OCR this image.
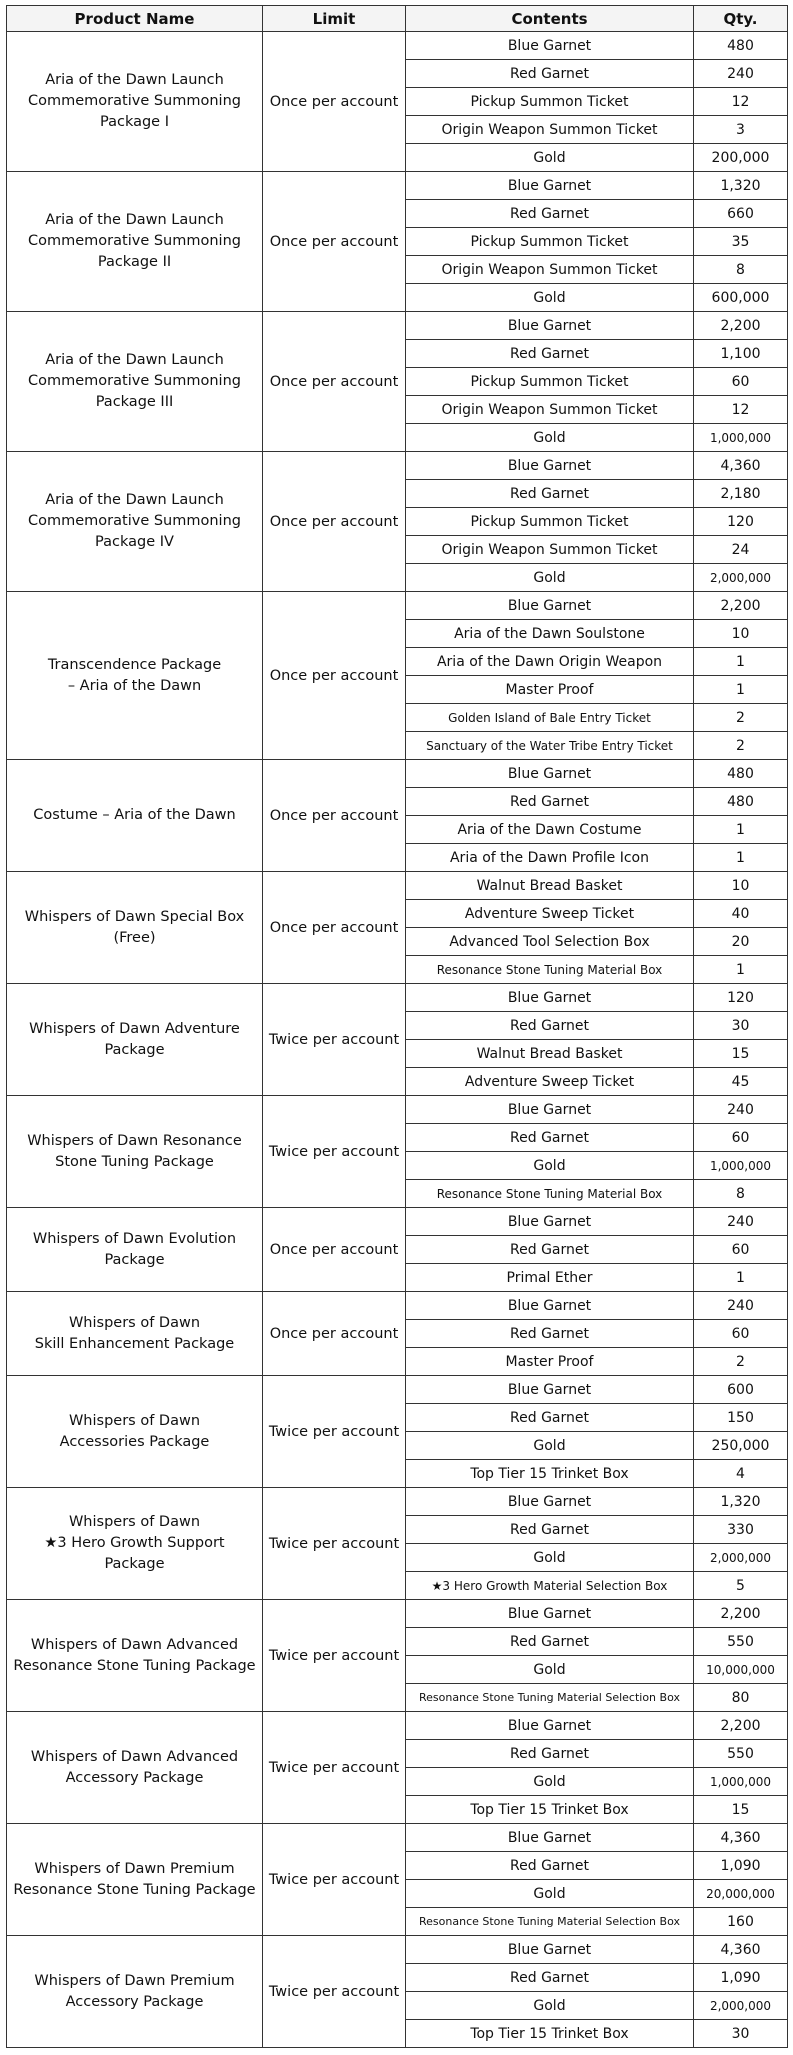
Product Name	Limit	Contents	Qty.

Aria of the Dawn Launch
Commemorative Summoning
Package I	Once per account	Blue Garnet	480
		Red Garnet	240
		Pickup Summon Ticket	12
		Origin Weapon Summon Ticket	3
		Gold	200,000

Aria of the Dawn Launch
Commemorative Summoning
Package II	Once per account	Blue Garnet	1,320
		Red Garnet	660
		Pickup Summon Ticket	35
		Origin Weapon Summon Ticket	8
		Gold	600,000

Aria of the Dawn Launch
Commemorative Summoning
Package III	Once per account	Blue Garnet	2,200
		Red Garnet	1,100
		Pickup Summon Ticket	60
		Origin Weapon Summon Ticket	12
		Gold	1,000,000

Aria of the Dawn Launch
Commemorative Summoning
Package IV	Once per account	Blue Garnet	4,360
		Red Garnet	2,180
		Pickup Summon Ticket	120
		Origin Weapon Summon Ticket	24
		Gold	2,000,000

Transcendence Package
– Aria of the Dawn	Once per account	Blue Garnet	2,200
		Aria of the Dawn Soulstone	10
		Aria of the Dawn Origin Weapon	1
		Master Proof	1
		Golden Island of Bale Entry Ticket	2
		Sanctuary of the Water Tribe Entry Ticket	2

Costume – Aria of the Dawn	Once per account	Blue Garnet	480
		Red Garnet	480
		Aria of the Dawn Costume	1
		Aria of the Dawn Profile Icon	1

Whispers of Dawn Special Box
(Free)	Once per account	Walnut Bread Basket	10
		Adventure Sweep Ticket	40
		Advanced Tool Selection Box	20
		Resonance Stone Tuning Material Box	1

Whispers of Dawn Adventure
Package	Twice per account	Blue Garnet	120
		Red Garnet	30
		Walnut Bread Basket	15
		Adventure Sweep Ticket	45

Whispers of Dawn Resonance
Stone Tuning Package	Twice per account	Blue Garnet	240
		Red Garnet	60
		Gold	1,000,000
		Resonance Stone Tuning Material Box	8

Whispers of Dawn Evolution
Package	Once per account	Blue Garnet	240
		Red Garnet	60
		Primal Ether	1

Whispers of Dawn
Skill Enhancement Package	Once per account	Blue Garnet	240
		Red Garnet	60
		Master Proof	2

Whispers of Dawn
Accessories Package	Twice per account	Blue Garnet	600
		Red Garnet	150
		Gold	250,000
		Top Tier 15 Trinket Box	4

Whispers of Dawn
★3 Hero Growth Support
Package	Twice per account	Blue Garnet	1,320
		Red Garnet	330
		Gold	2,000,000
		★3 Hero Growth Material Selection Box	5

Whispers of Dawn Advanced
Resonance Stone Tuning Package	Twice per account	Blue Garnet	2,200
		Red Garnet	550
		Gold	10,000,000
		Resonance Stone Tuning Material Selection Box	80

Whispers of Dawn Advanced
Accessory Package	Twice per account	Blue Garnet	2,200
		Red Garnet	550
		Gold	1,000,000
		Top Tier 15 Trinket Box	15

Whispers of Dawn Premium
Resonance Stone Tuning Package	Twice per account	Blue Garnet	4,360
		Red Garnet	1,090
		Gold	20,000,000
		Resonance Stone Tuning Material Selection Box	160

Whispers of Dawn Premium
Accessory Package	Twice per account	Blue Garnet	4,360
		Red Garnet	1,090
		Gold	2,000,000
		Top Tier 15 Trinket Box	30
